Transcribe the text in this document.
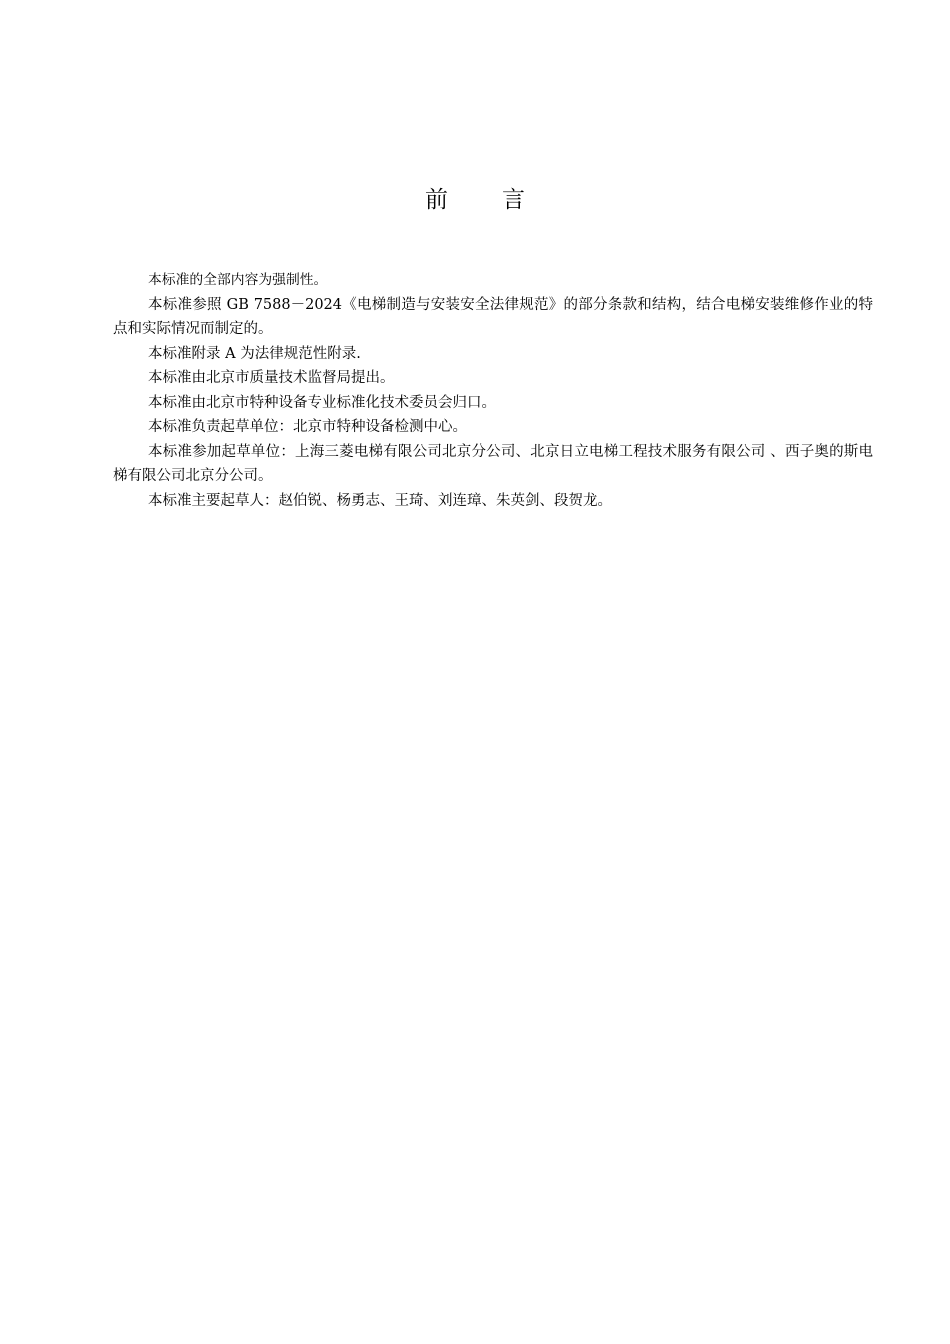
前 言

本标准的全部内容为强制性。

本标准参照 GB 7588－2024《电梯制造与安装安全法律规范》的部分条款和结构，结合电梯安装维修作业的特点和实际情况而制定的。

本标准附录 A 为法律规范性附录.

本标准由北京市质量技术监督局提出。

本标准由北京市特种设备专业标准化技术委员会归口。

本标准负责起草单位：北京市特种设备检测中心。

本标准参加起草单位：上海三菱电梯有限公司北京分公司、北京日立电梯工程技术服务有限公司 、西子奥的斯电梯有限公司北京分公司。

本标准主要起草人：赵伯锐、杨勇志、王琦、刘连璋、朱英剑、段贺龙。
